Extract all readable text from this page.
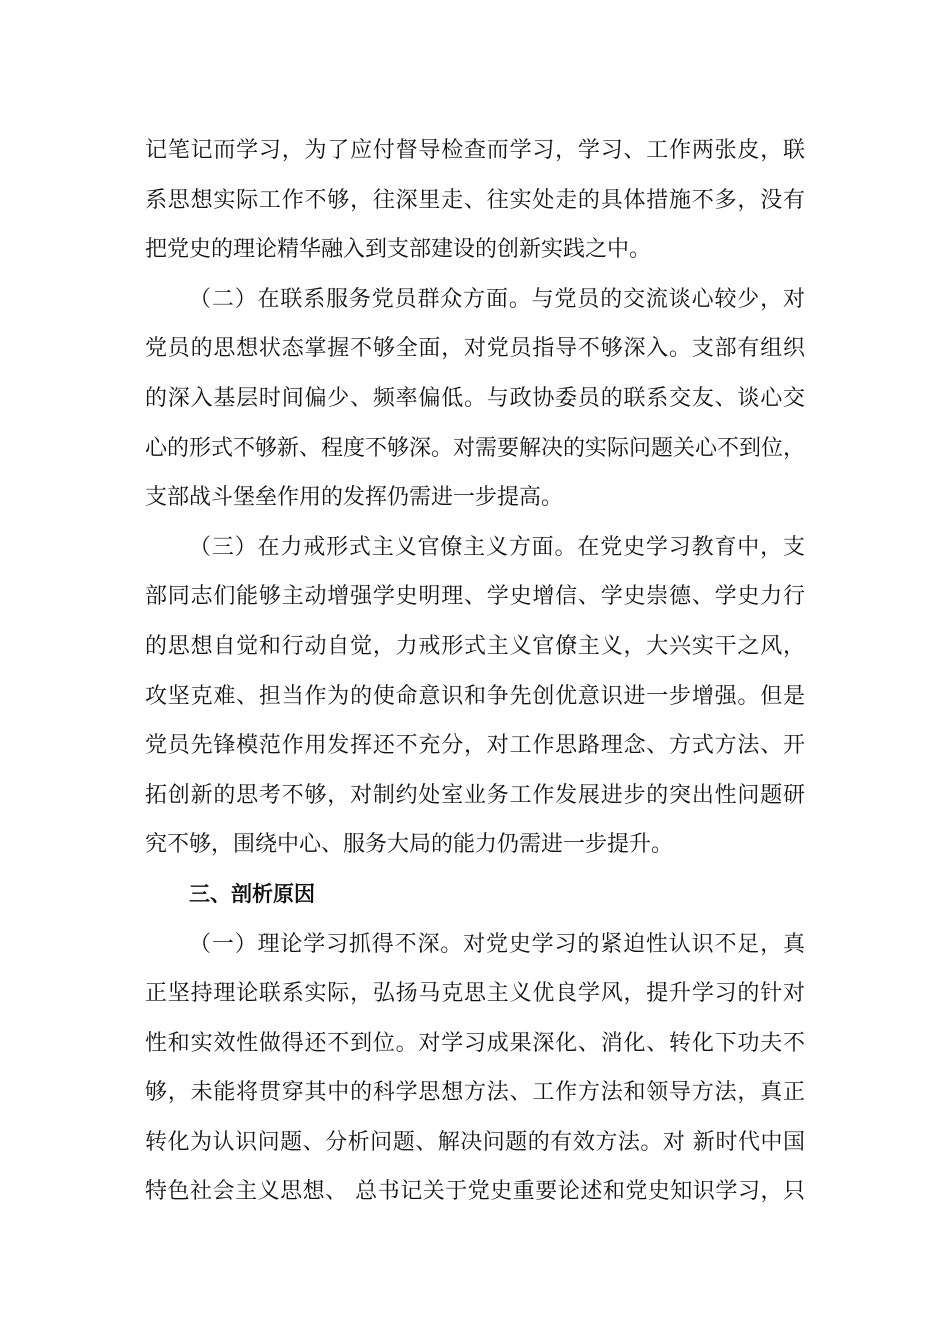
记笔记而学习，为了应付督导检查而学习，学习、工作两张皮，联
系思想实际工作不够，往深里走、往实处走的具体措施不多，没有
把党史的理论精华融入到支部建设的创新实践之中。
（二）在联系服务党员群众方面。与党员的交流谈心较少，对
党员的思想状态掌握不够全面，对党员指导不够深入。支部有组织
的深入基层时间偏少、频率偏低。与政协委员的联系交友、谈心交
心的形式不够新、程度不够深。对需要解决的实际问题关心不到位，
支部战斗堡垒作用的发挥仍需进一步提高。
（三）在力戒形式主义官僚主义方面。在党史学习教育中，支
部同志们能够主动增强学史明理、学史增信、学史崇德、学史力行
的思想自觉和行动自觉，力戒形式主义官僚主义，大兴实干之风，
攻坚克难、担当作为的使命意识和争先创优意识进一步增强。但是
党员先锋模范作用发挥还不充分，对工作思路理念、方式方法、开
拓创新的思考不够，对制约处室业务工作发展进步的突出性问题研
究不够，围绕中心、服务大局的能力仍需进一步提升。
三、剖析原因
（一）理论学习抓得不深。对党史学习的紧迫性认识不足，真
正坚持理论联系实际，弘扬马克思主义优良学风，提升学习的针对
性和实效性做得还不到位。对学习成果深化、消化、转化下功夫不
够，未能将贯穿其中的科学思想方法、工作方法和领导方法，真正
转化为认识问题、分析问题、解决问题的有效方法。对 新时代中国
特色社会主义思想、 总书记关于党史重要论述和党史知识学习，只
